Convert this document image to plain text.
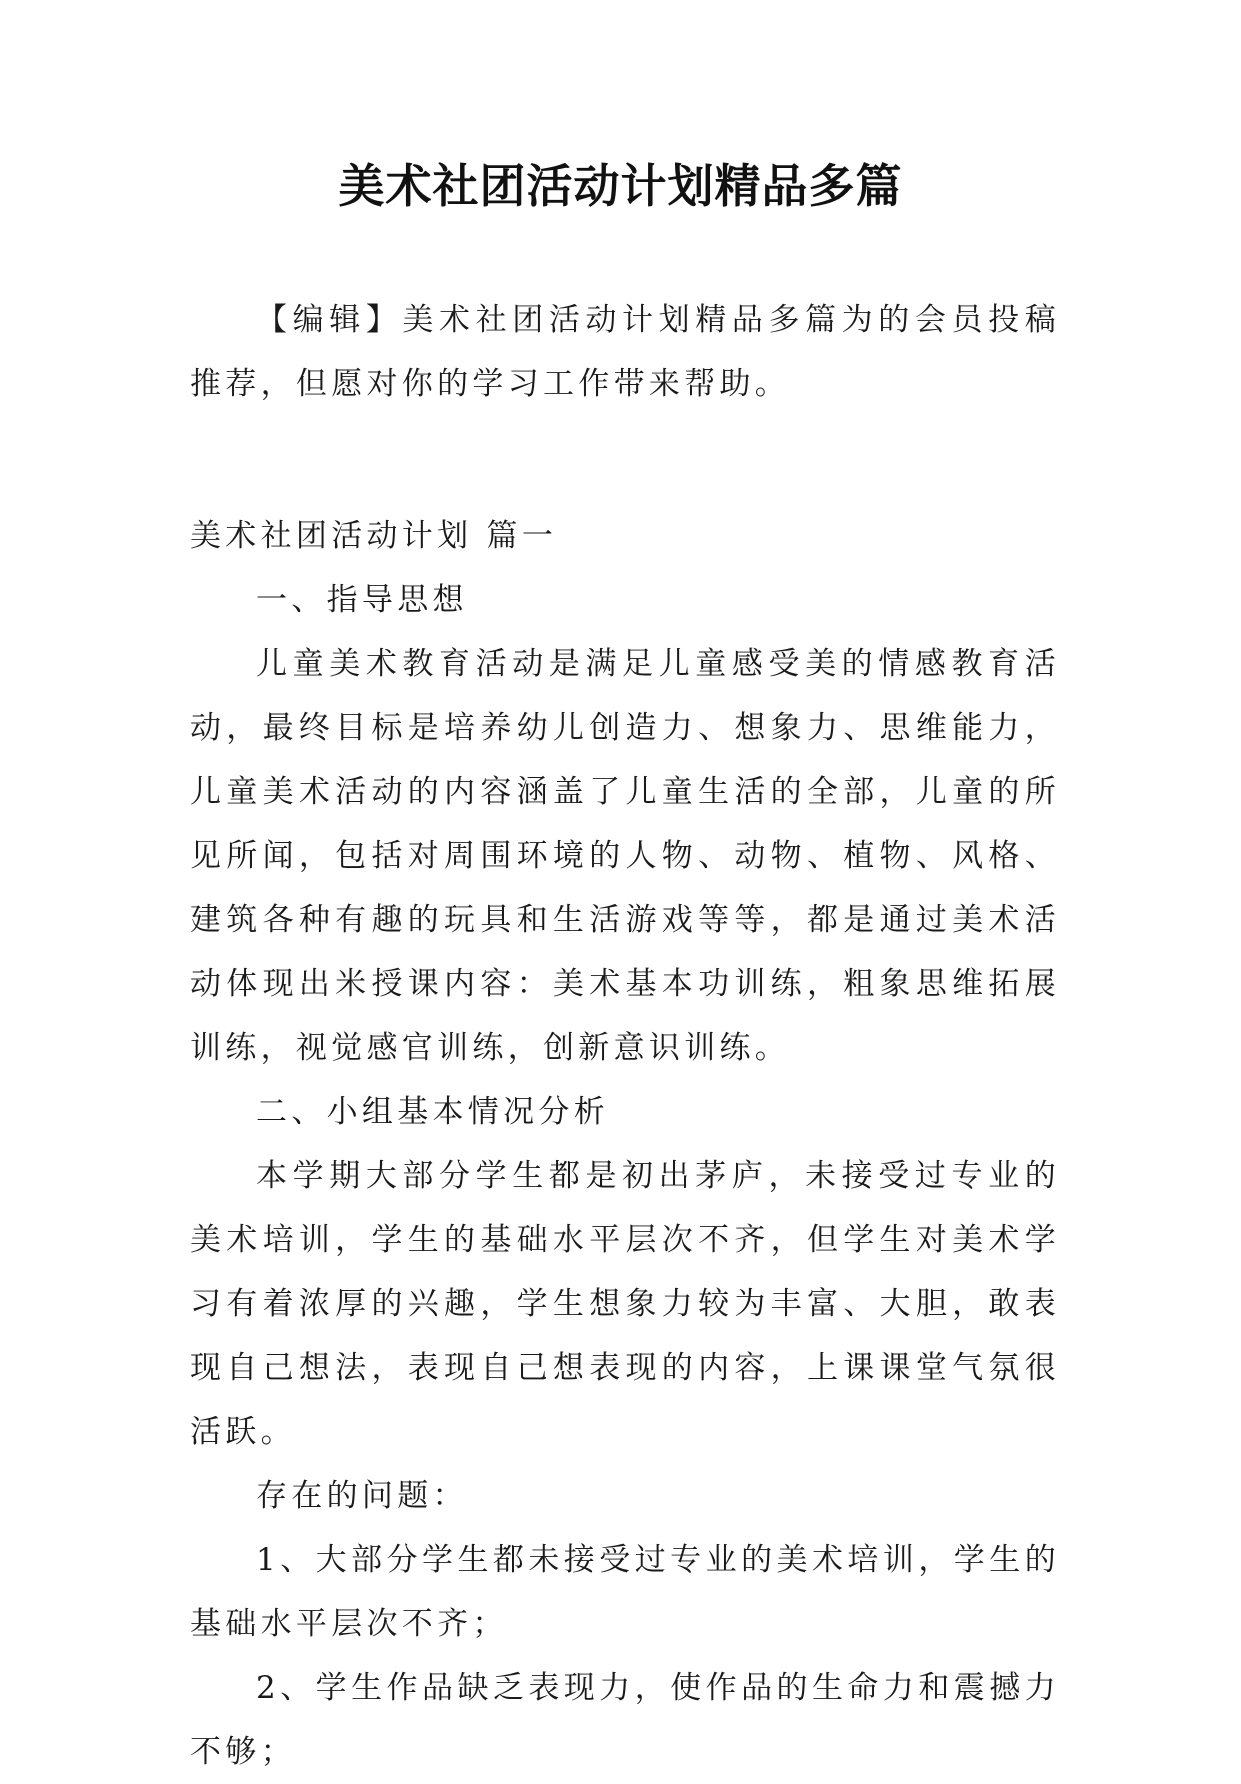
美术社团活动计划精品多篇

【编辑】美术社团活动计划精品多篇为的会员投稿推荐，但愿对你的学习工作带来帮助。

美术社团活动计划 篇一

一、指导思想

儿童美术教育活动是满足儿童感受美的情感教育活动，最终目标是培养幼儿创造力、想象力、思维能力，儿童美术活动的内容涵盖了儿童生活的全部，儿童的所见所闻，包括对周围环境的人物、动物、植物、风格、建筑各种有趣的玩具和生活游戏等等，都是通过美术活动体现出米授课内容：美术基本功训练，粗象思维拓展训练，视觉感官训练，创新意识训练。

二、小组基本情况分析

本学期大部分学生都是初出茅庐，未接受过专业的美术培训，学生的基础水平层次不齐，但学生对美术学习有着浓厚的兴趣，学生想象力较为丰富、大胆，敢表现自己想法，表现自己想表现的内容，上课课堂气氛很活跃。

存在的问题：

1、大部分学生都未接受过专业的美术培训，学生的基础水平层次不齐；

2、学生作品缺乏表现力，使作品的生命力和震撼力不够；
